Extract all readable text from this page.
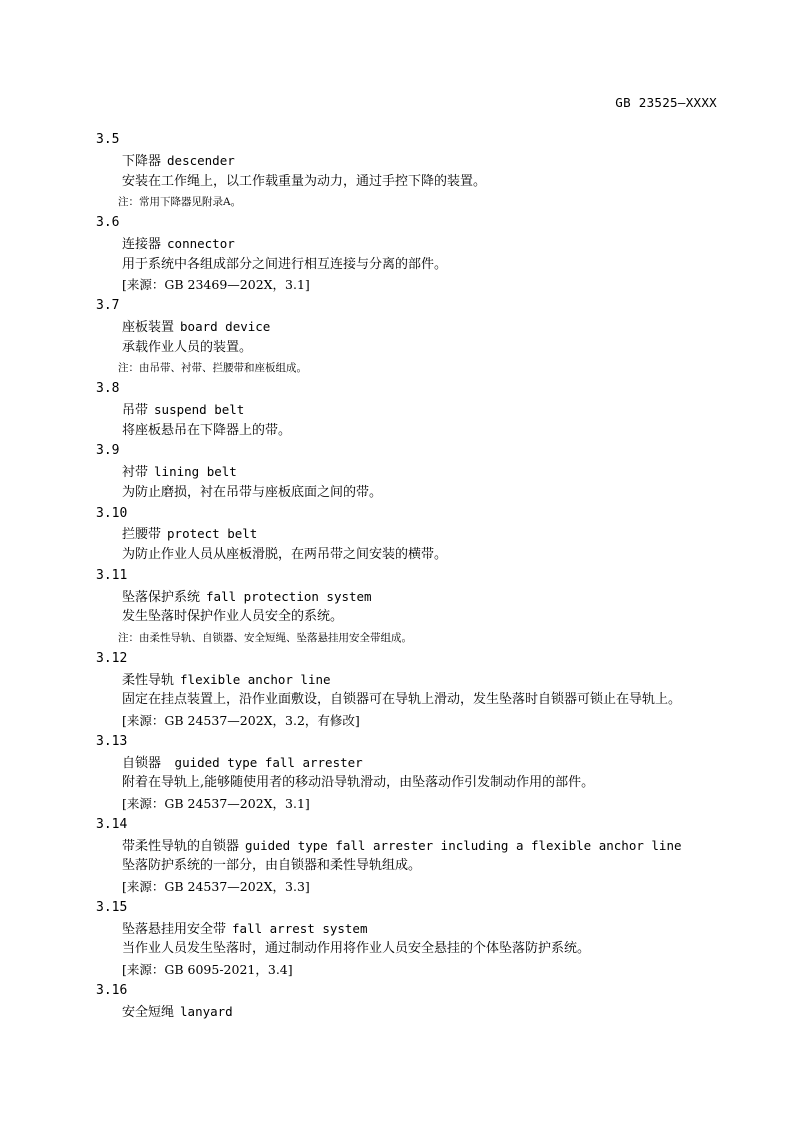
GB 23525—XXXX
3.5
下降器 descender
安装在工作绳上，以工作载重量为动力，通过手控下降的装置。
注：常用下降器见附录A。
3.6
连接器 connector
用于系统中各组成部分之间进行相互连接与分离的部件。
[来源：GB 23469—202X，3.1]
3.7
座板装置 board device
承载作业人员的装置。
注：由吊带、衬带、拦腰带和座板组成。
3.8
吊带 suspend belt
将座板悬吊在下降器上的带。
3.9
衬带 lining belt
为防止磨损，衬在吊带与座板底面之间的带。
3.10
拦腰带 protect belt
为防止作业人员从座板滑脱，在两吊带之间安装的横带。
3.11
坠落保护系统 fall protection system
发生坠落时保护作业人员安全的系统。
注：由柔性导轨、自锁器、安全短绳、坠落悬挂用安全带组成。
3.12
柔性导轨 flexible anchor line
固定在挂点装置上，沿作业面敷设，自锁器可在导轨上滑动，发生坠落时自锁器可锁止在导轨上。
[来源：GB 24537—202X，3.2，有修改]
3.13
自锁器 guided type fall arrester
附着在导轨上,能够随使用者的移动沿导轨滑动，由坠落动作引发制动作用的部件。
[来源：GB 24537—202X，3.1]
3.14
带柔性导轨的自锁器 guided type fall arrester including a flexible anchor line
坠落防护系统的一部分，由自锁器和柔性导轨组成。
[来源：GB 24537—202X，3.3]
3.15
坠落悬挂用安全带 fall arrest system
当作业人员发生坠落时，通过制动作用将作业人员安全悬挂的个体坠落防护系统。
[来源：GB 6095-2021，3.4]
3.16
安全短绳 lanyard
